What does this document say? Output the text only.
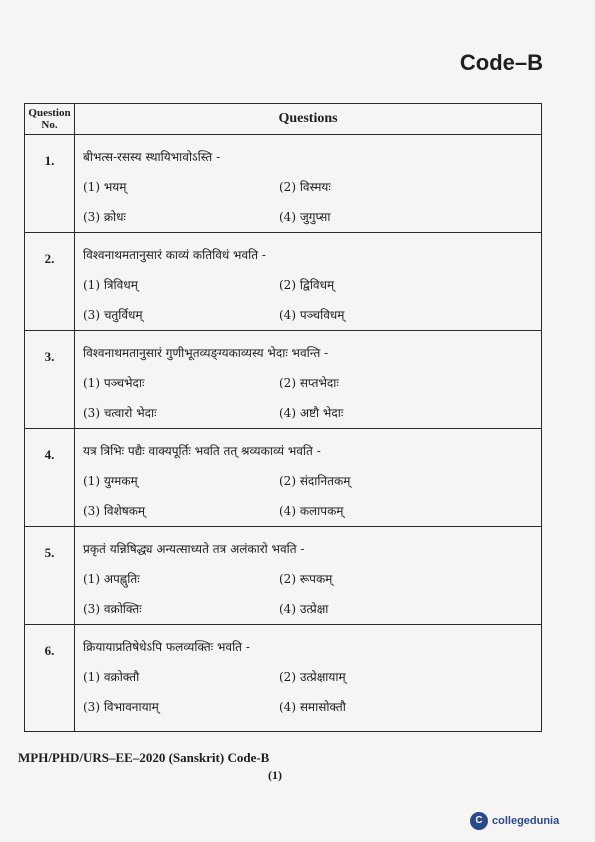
Code–B
Question
No.	Questions
1.	बीभत्स-रसस्य स्थायिभावोऽस्ति -
(1) भयम्	(2) विस्मयः
(3) क्रोधः	(4) जुगुप्सा
2.	विश्वनाथमतानुसारं काव्यं कतिविधं भवति -
(1) त्रिविधम्	(2) द्विविधम्
(3) चतुर्विधम्	(4) पञ्चविधम्
3.	विश्वनाथमतानुसारं गुणीभूतव्यङ्ग्यकाव्यस्य भेदाः भवन्ति -
(1) पञ्चभेदाः	(2) सप्तभेदाः
(3) चत्वारो भेदाः	(4) अष्टौ भेदाः
4.	यत्र त्रिभिः पद्यैः वाक्यपूर्तिः भवति तत् श्रव्यकाव्यं भवति -
(1) युग्मकम्	(2) संदानितकम्
(3) विशेषकम्	(4) कलापकम्
5.	प्रकृतं यन्निषिद्ध्य अन्यत्साध्यते तत्र अलंकारो भवति -
(1) अपह्नुतिः	(2) रूपकम्
(3) वक्रोक्तिः	(4) उत्प्रेक्षा
6.	क्रियायाप्रतिषेधेऽपि फलव्यक्तिः भवति -
(1) वक्रोक्तौ	(2) उत्प्रेक्षायाम्
(3) विभावनायाम्	(4) समासोक्तौ
MPH/PHD/URS–EE–2020 (Sanskrit) Code-B
(1)
C collegedunia
